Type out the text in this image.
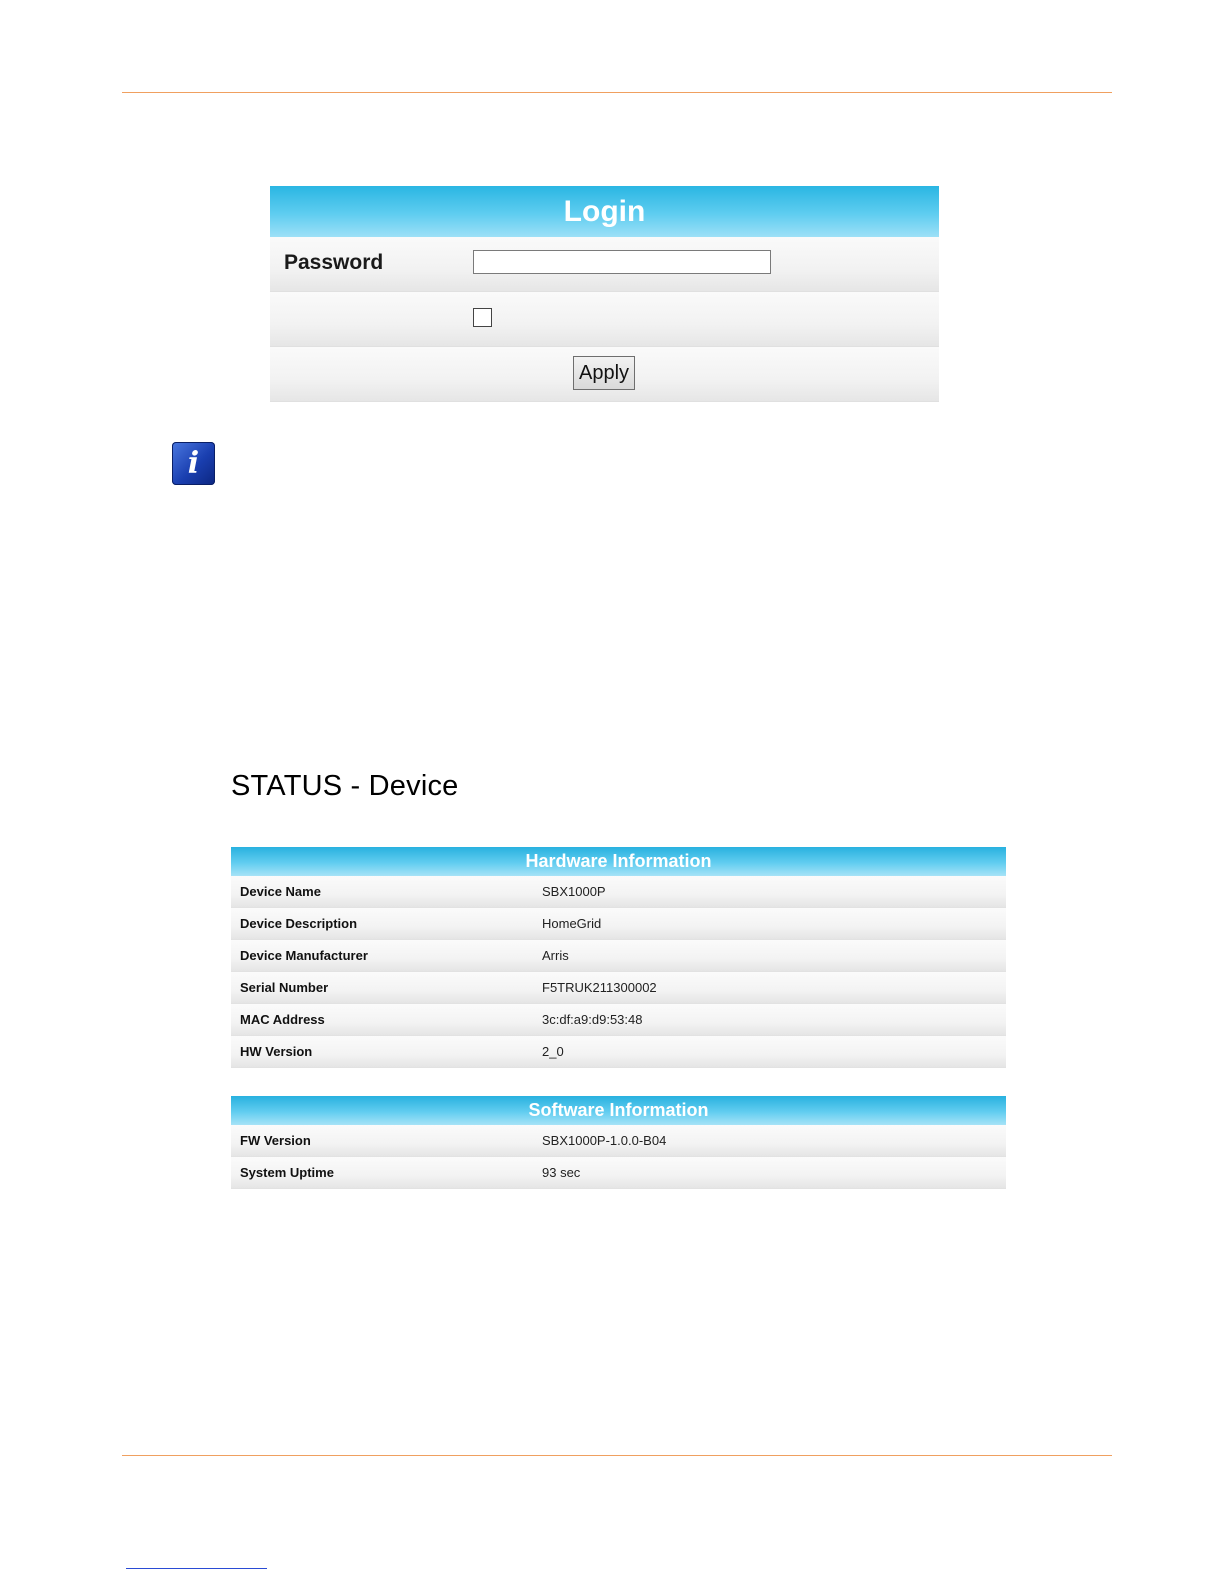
Login
Password
Apply
i
STATUS - Device
Hardware Information
Device Name	SBX1000P
Device Description	HomeGrid
Device Manufacturer	Arris
Serial Number	F5TRUK211300002
MAC Address	3c:df:a9:d9:53:48
HW Version	2_0
Software Information
FW Version	SBX1000P-1.0.0-B04
System Uptime	93 sec
